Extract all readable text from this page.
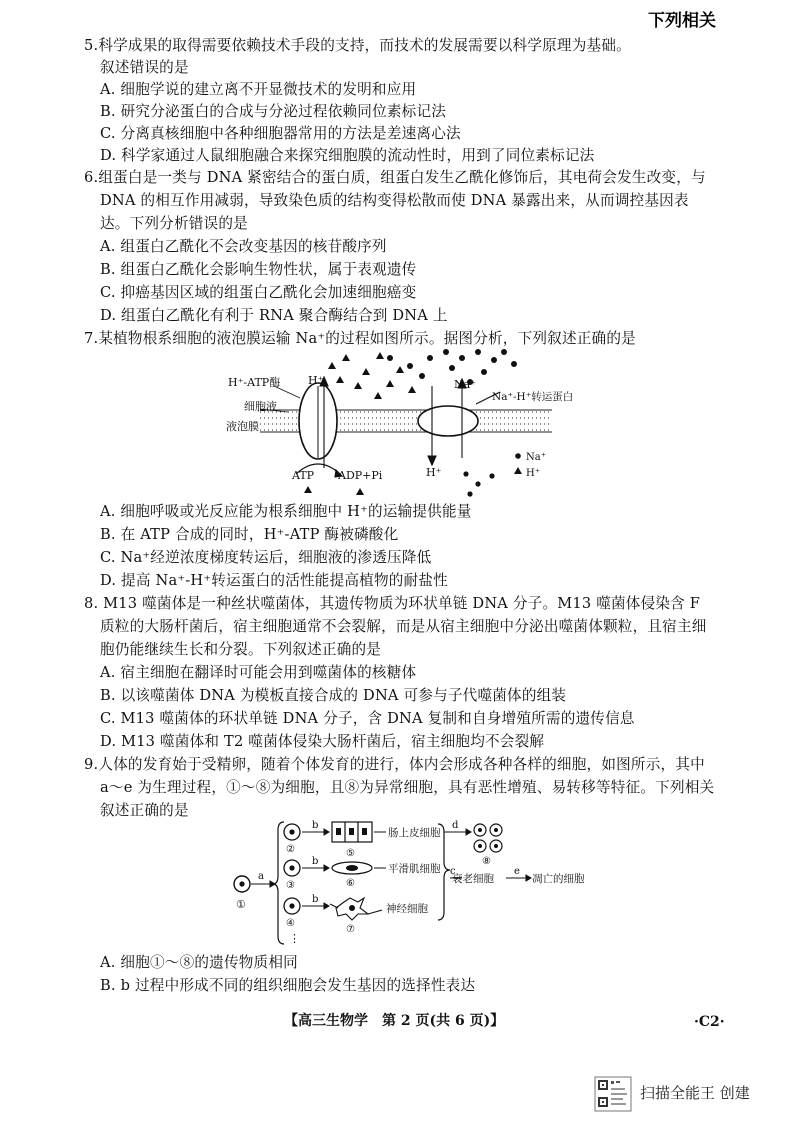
下列相关
5.科学成果的取得需要依赖技术手段的支持，而技术的发展需要以科学原理为基础。
叙述错误的是
A. 细胞学说的建立离不开显微技术的发明和应用
B. 研究分泌蛋白的合成与分泌过程依赖同位素标记法
C. 分离真核细胞中各种细胞器常用的方法是差速离心法
D. 科学家通过人鼠细胞融合来探究细胞膜的流动性时，用到了同位素标记法
6.组蛋白是一类与 DNA 紧密结合的蛋白质，组蛋白发生乙酰化修饰后，其电荷会发生改变，与
DNA 的相互作用减弱，导致染色质的结构变得松散而使 DNA 暴露出来，从而调控基因表
达。下列分析错误的是
A. 组蛋白乙酰化不会改变基因的核苷酸序列
B. 组蛋白乙酰化会影响生物性状，属于表观遗传
C. 抑癌基因区域的组蛋白乙酰化会加速细胞癌变
D. 组蛋白乙酰化有利于 RNA 聚合酶结合到 DNA 上
7.某植物根系细胞的液泡膜运输 Na⁺的过程如图所示。据图分析，下列叙述正确的是
H⁺-ATP酶	H⁺	Na⁺
细胞液
液泡膜
Na⁺-H⁺转运蛋白
ATP ADP+Pi	H⁺
Na⁺
H⁺
A. 细胞呼吸或光反应能为根系细胞中 H⁺的运输提供能量
B. 在 ATP 合成的同时，H⁺-ATP 酶被磷酸化
C. Na⁺经逆浓度梯度转运后，细胞液的渗透压降低
D. 提高 Na⁺-H⁺转运蛋白的活性能提高植物的耐盐性
8. M13 噬菌体是一种丝状噬菌体，其遗传物质为环状单链 DNA 分子。M13 噬菌体侵染含 F
质粒的大肠杆菌后，宿主细胞通常不会裂解，而是从宿主细胞中分泌出噬菌体颗粒，且宿主细
胞仍能继续生长和分裂。下列叙述正确的是
A. 宿主细胞在翻译时可能会用到噬菌体的核糖体
B. 以该噬菌体 DNA 为模板直接合成的 DNA 可参与子代噬菌体的组装
C. M13 噬菌体的环状单链 DNA 分子，含 DNA 复制和自身增殖所需的遗传信息
D. M13 噬菌体和 T2 噬菌体侵染大肠杆菌后，宿主细胞均不会裂解
9.人体的发育始于受精卵，随着个体发育的进行，体内会形成各种各样的细胞，如图所示，其中
a～e 为生理过程，①～⑧为细胞，且⑧为异常细胞，具有恶性增殖、易转移等特征。下列相关
叙述正确的是
①
a
②
③
④
⋮
b
b
b
⑤
肠上皮细胞
⑥
平滑肌细胞
⑦
神经细胞
d
⑧
c
衰老细胞
e
凋亡的细胞
A. 细胞①～⑧的遗传物质相同
B. b 过程中形成不同的组织细胞会发生基因的选择性表达
【高三生物学　第 2 页(共 6 页)】	·C2·
扫描全能王 创建
